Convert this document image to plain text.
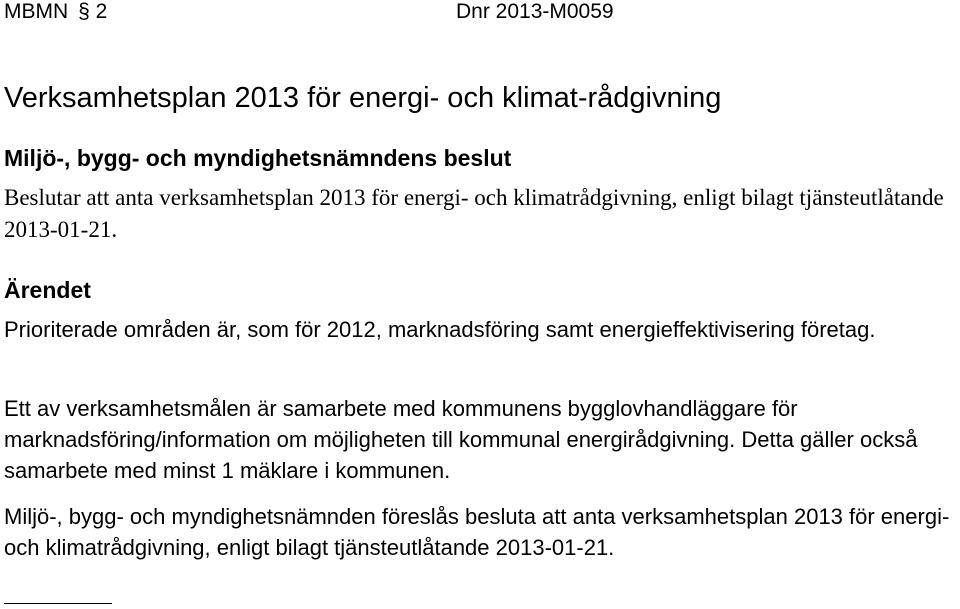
MBMN § 2	Dnr 2013-M0059
Verksamhetsplan 2013 för energi- och klimat-rådgivning
Miljö-, bygg- och myndighetsnämndens beslut

Beslutar att anta verksamhetsplan 2013 för energi- och klimatrådgivning, enligt bilagt tjänsteutlåtande 2013-01-21.

Ärendet

Prioriterade områden är, som för 2012, marknadsföring samt energieffektivisering företag.

Ett av verksamhetsmålen är samarbete med kommunens bygglovhandläggare för marknadsföring/information om möjligheten till kommunal energirådgivning. Detta gäller också samarbete med minst 1 mäklare i kommunen.

Miljö-, bygg- och myndighetsnämnden föreslås besluta att anta verksamhetsplan 2013 för energi- och klimatrådgivning, enligt bilagt tjänsteutlåtande 2013-01-21.
